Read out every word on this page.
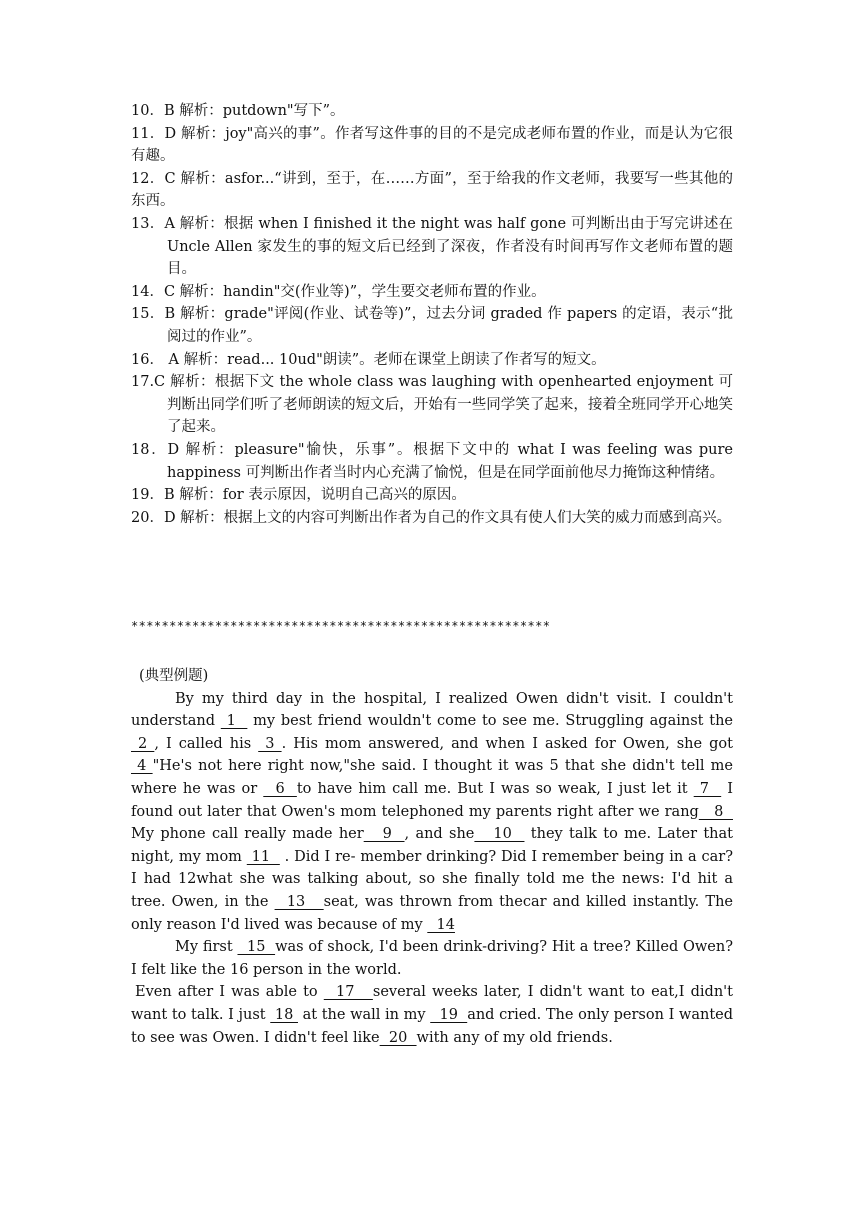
10．B 解析：putdown"写下”。
11．D 解析：joy"高兴的事”。作者写这件事的目的不是完成老师布置的作业，而是认为它很有趣。
12．C 解析：asfor...“讲到，至于，在……方面”，至于给我的作文老师，我要写一些其他的东西。
13．A 解析：根据 when I finished it the night was half gone 可判断出由于写完讲述在 Uncle Allen 家发生的事的短文后已经到了深夜，作者没有时间再写作文老师布置的题目。
14．C 解析：handin"交(作业等)”，学生要交老师布置的作业。
15．B 解析：grade"评阅(作业、试卷等)”，过去分词 graded 作 papers 的定语，表示“批阅过的作业”。
16． A 解析：read... 10ud"朗读”。老师在课堂上朗读了作者写的短文。
17.C 解析：根据下文 the whole class was laughing with openhearted enjoyment 可判断出同学们听了老师朗读的短文后，开始有一些同学笑了起来，接着全班同学开心地笑了起来。
18．D 解析：pleasure"愉快，乐事”。根据下文中的 what I was feeling was pure happiness 可判断出作者当时内心充满了愉悦，但是在同学面前他尽力掩饰这种情绪。
19．B 解析：for 表示原因，说明自己高兴的原因。
20．D 解析：根据上文的内容可判断出作者为自己的作文具有使人们大笑的威力而感到高兴。
*******************************************************
(典型例题)
By my third day in the hospital, I realized Owen didn't visit. I couldn't understand  1   my best friend wouldn't come to see me. Struggling against the  2 , I called his  3 . His mom answered, and when I asked for Owen, she got  4 "He's not here right now,"she said. I thought it was 5 that she didn't tell me where he was or   6  to have him call me. But I was so weak, I just let it  7   I found out later that Owen's mom telephoned my parents right after we rang   8   My phone call really made her   9  , and she   10   they talk to me. Later that night, my mom  11   . Did I re- member drinking? Did I remember being in a car? I had 12what she was talking about, so she finally told me the news: I'd hit a tree. Owen, in the   13   seat, was thrown from thecar and killed instantly. The only reason I'd lived was because of my   14
My first   15  was of shock, I'd been drink-driving? Hit a tree? Killed Owen? I felt like the 16 person in the world.
Even after I was able to   17   several weeks later, I didn't want to eat,I didn't want to talk. I just  18  at the wall in my   19  and cried. The only person I wanted to see was Owen. I didn't feel like  20  with any of my old friends.
